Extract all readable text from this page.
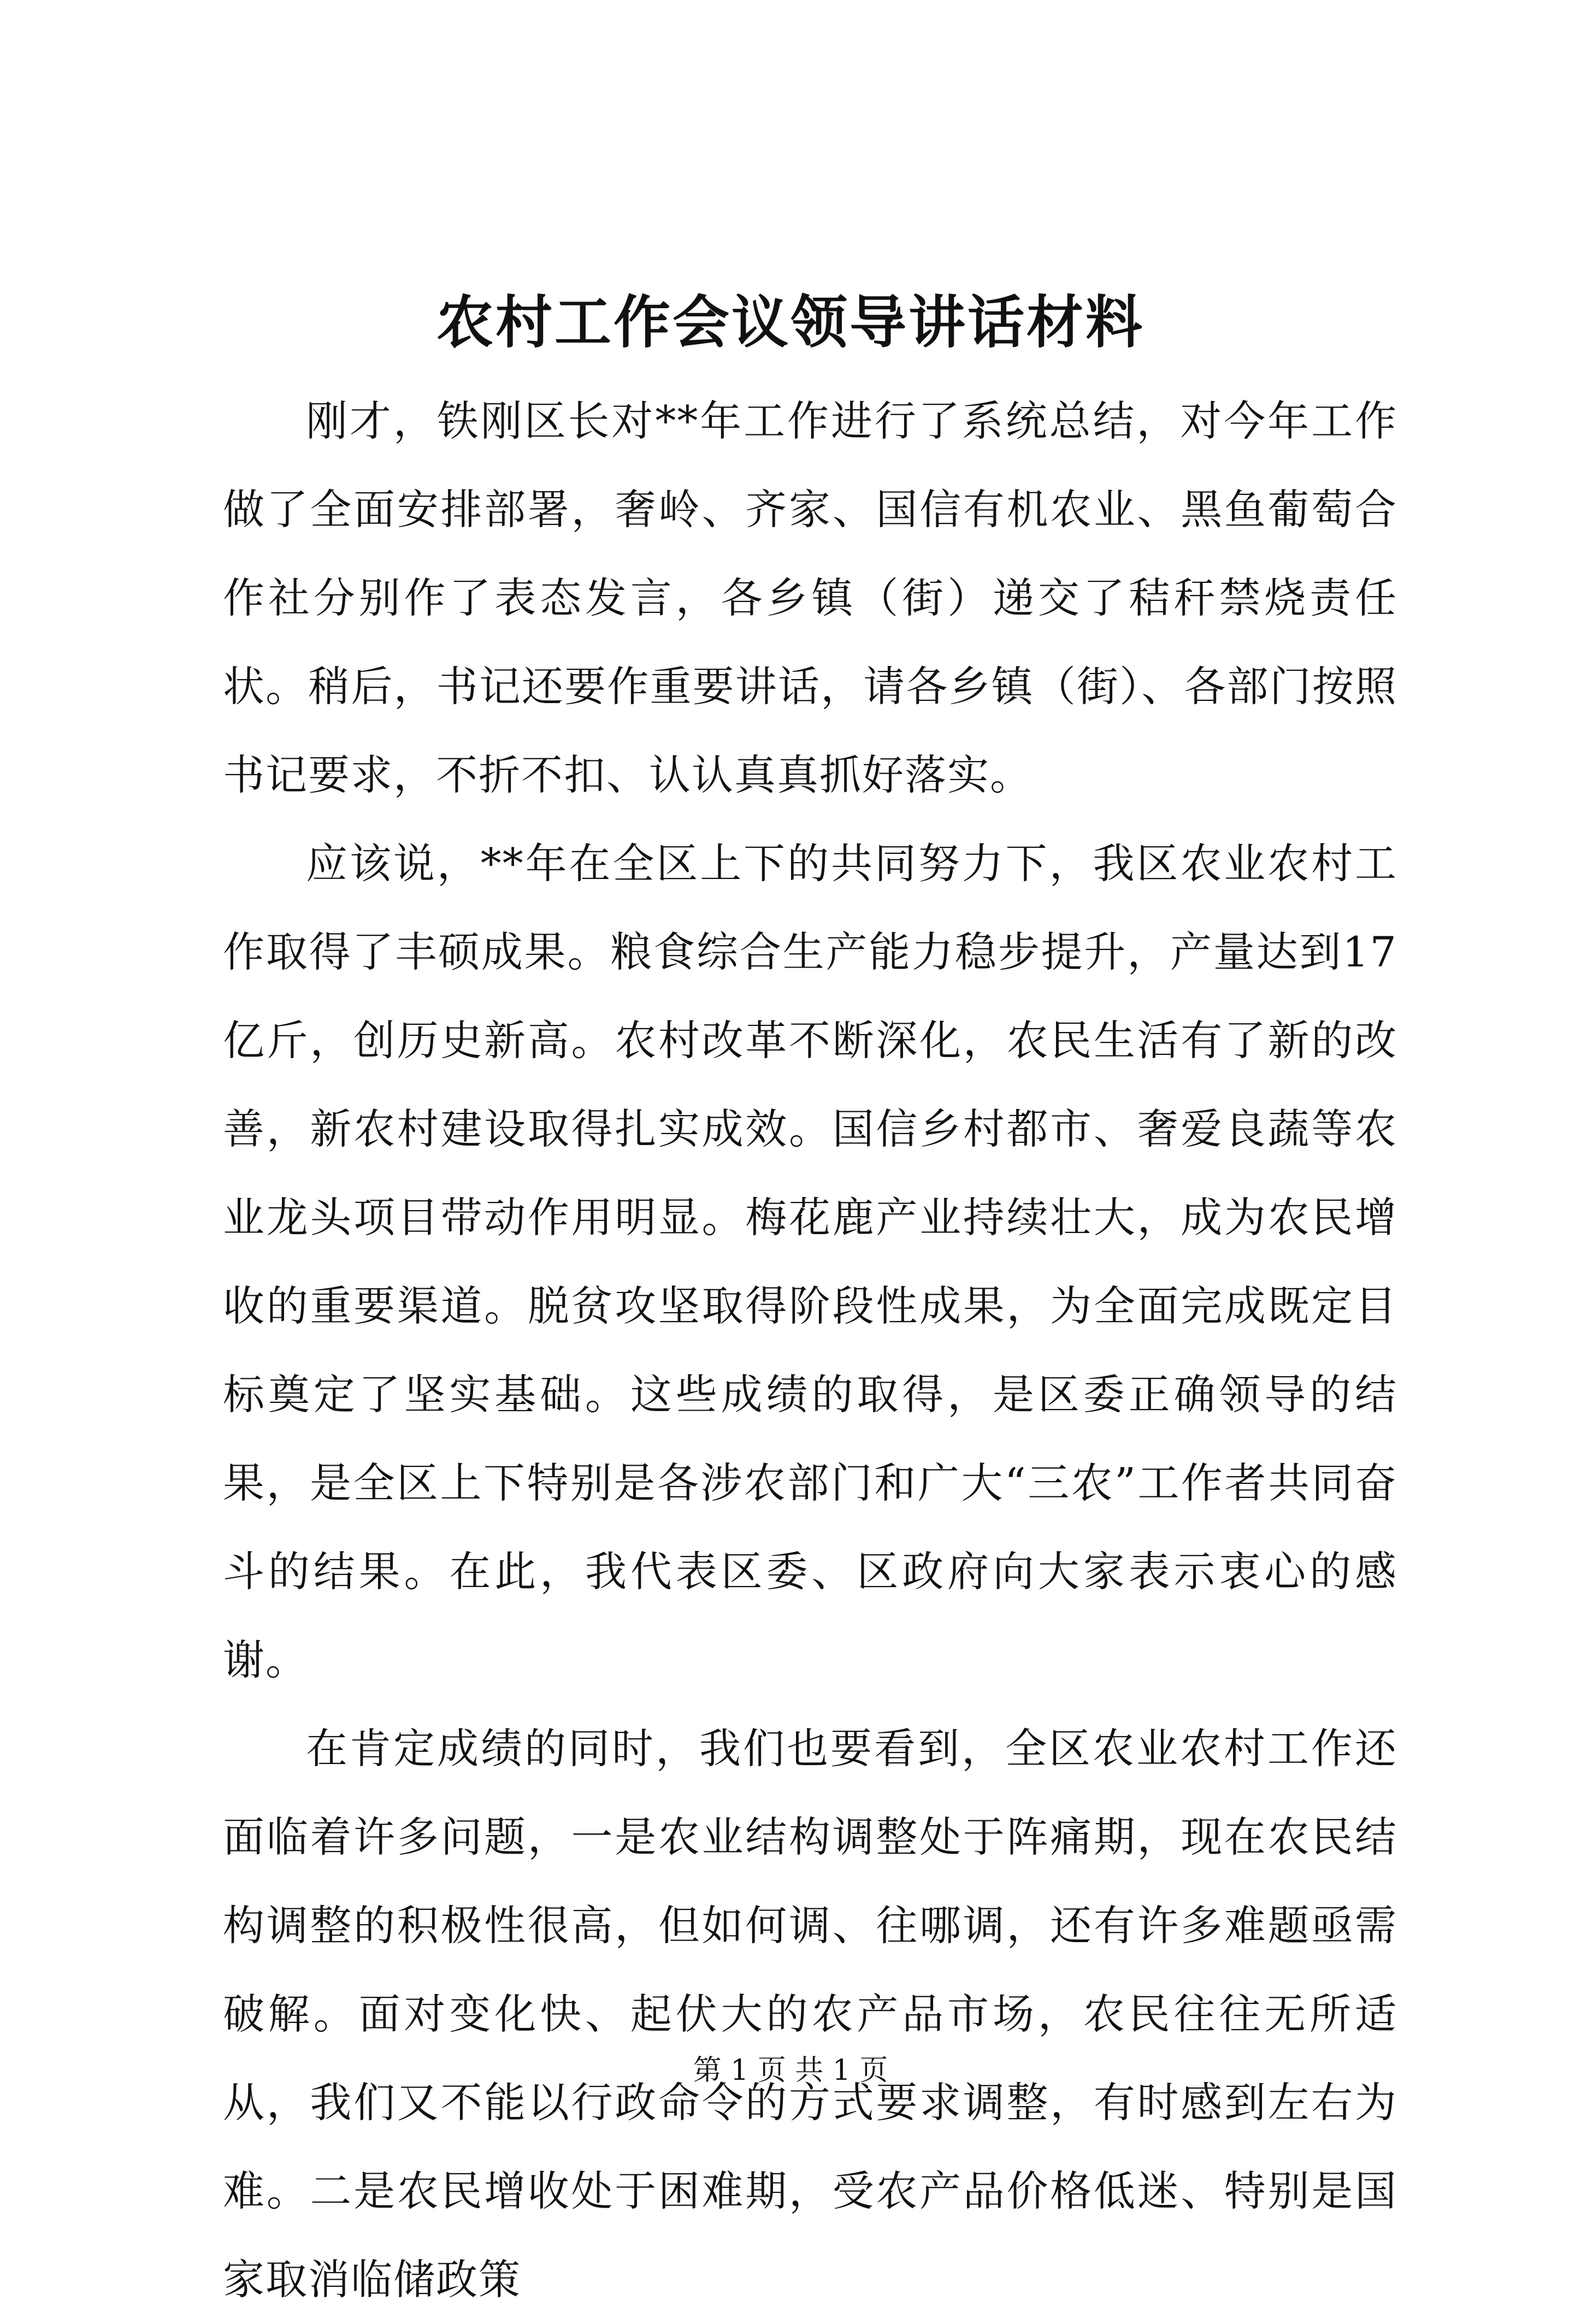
农村工作会议领导讲话材料

刚才，铁刚区长对**年工作进行了系统总结，对今年工作做了全面安排部署，奢岭、齐家、国信有机农业、黑鱼葡萄合作社分别作了表态发言，各乡镇（街）递交了秸秆禁烧责任状。稍后，书记还要作重要讲话，请各乡镇（街）、各部门按照书记要求，不折不扣、认认真真抓好落实。

应该说，**年在全区上下的共同努力下，我区农业农村工作取得了丰硕成果。粮食综合生产能力稳步提升，产量达到17亿斤，创历史新高。农村改革不断深化，农民生活有了新的改善，新农村建设取得扎实成效。国信乡村都市、奢爱良蔬等农业龙头项目带动作用明显。梅花鹿产业持续壮大，成为农民增收的重要渠道。脱贫攻坚取得阶段性成果，为全面完成既定目标奠定了坚实基础。这些成绩的取得，是区委正确领导的结果，是全区上下特别是各涉农部门和广大“三农”工作者共同奋斗的结果。在此，我代表区委、区政府向大家表示衷心的感谢。

在肯定成绩的同时，我们也要看到，全区农业农村工作还面临着许多问题，一是农业结构调整处于阵痛期，现在农民结构调整的积极性很高，但如何调、往哪调，还有许多难题亟需破解。面对变化快、起伏大的农产品市场，农民往往无所适从，我们又不能以行政命令的方式要求调整，有时感到左右为难。二是农民增收处于困难期，受农产品价格低迷、特别是国家取消临储政策

第 1 页 共 1 页
